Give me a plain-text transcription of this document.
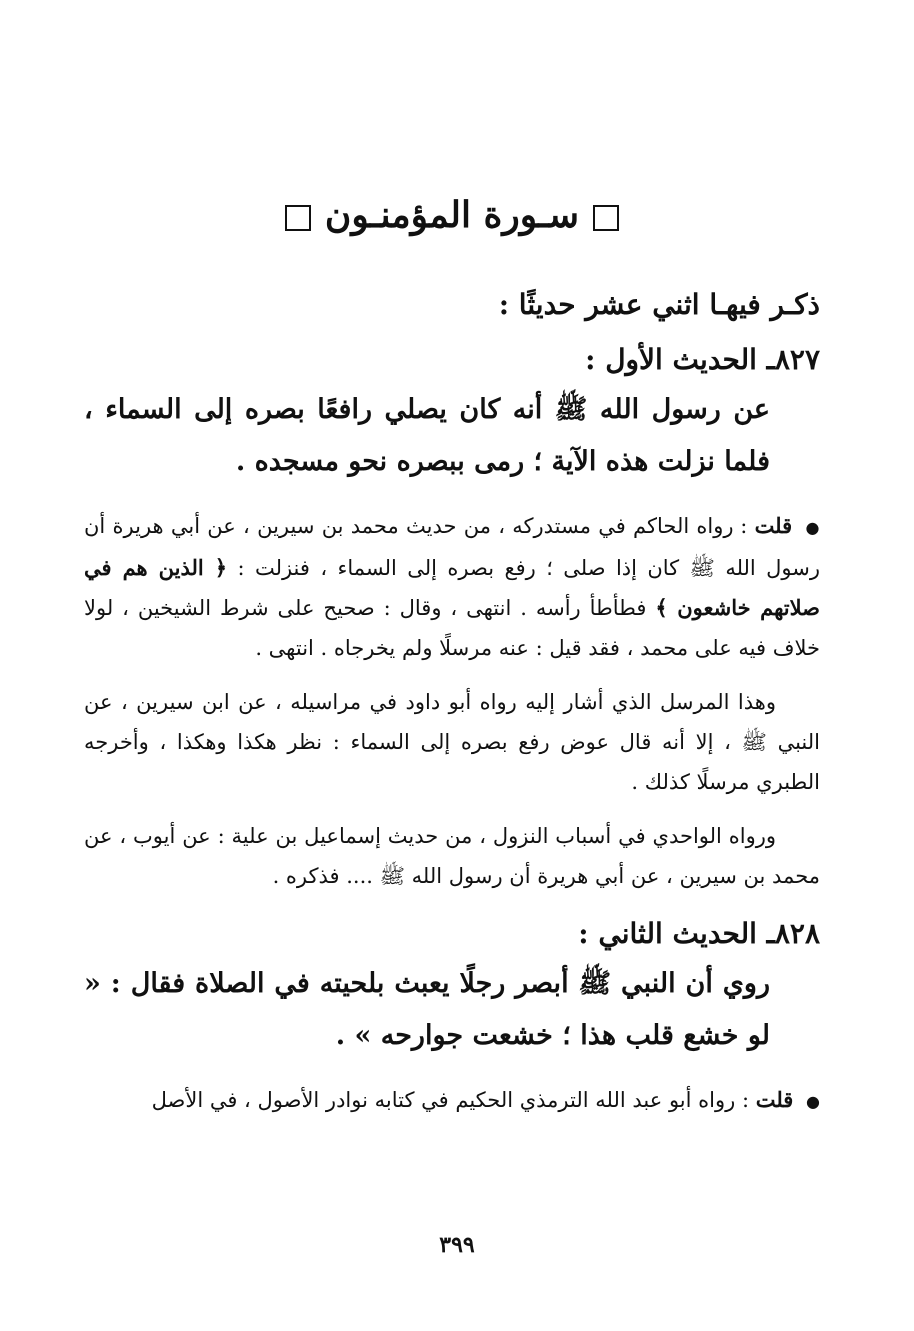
سـورة المؤمنـون
ذكـر فيهـا اثني عشر حديثًا :
٨٢٧ـ الحديث الأول :

عن رسول الله ﷺ أنه كان يصلي رافعًا بصره إلى السماء ، فلما نزلت هذه الآية ؛ رمى ببصره نحو مسجده .

● قلت : رواه الحاكم في مستدركه ، من حديث محمد بن سيرين ، عن أبي هريرة أن رسول الله ﷺ كان إذا صلى ؛ رفع بصره إلى السماء ، فنزلت : ﴿ الذين هم في صلاتهم خاشعون ﴾ فطأطأ رأسه . انتهى ، وقال : صحيح على شرط الشيخين ، لولا خلاف فيه على محمد ، فقد قيل : عنه مرسلًا ولم يخرجاه . انتهى .
وهذا المرسل الذي أشار إليه رواه أبو داود في مراسيله ، عن ابن سيرين ، عن النبي ﷺ ، إلا أنه قال عوض رفع بصره إلى السماء : نظر هكذا وهكذا ، وأخرجه الطبري مرسلًا كذلك .
ورواه الواحدي في أسباب النزول ، من حديث إسماعيل بن علية : عن أيوب ، عن محمد بن سيرين ، عن أبي هريرة أن رسول الله ﷺ .... فذكره .
٨٢٨ـ الحديث الثاني :

روي أن النبي ﷺ أبصر رجلًا يعبث بلحيته في الصلاة فقال : « لو خشع قلب هذا ؛ خشعت جوارحه » .

● قلت : رواه أبو عبد الله الترمذي الحكيم في كتابه نوادر الأصول ، في الأصل
٣٩٩
